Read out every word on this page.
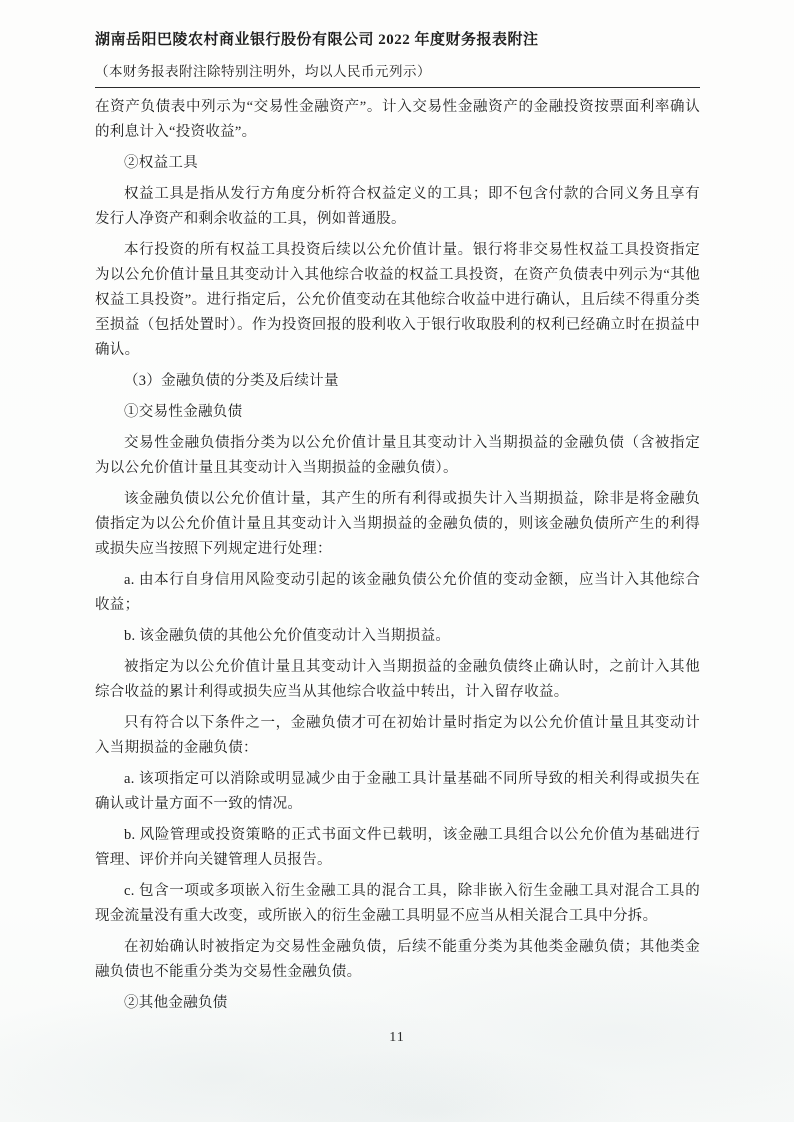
湖南岳阳巴陵农村商业银行股份有限公司 2022 年度财务报表附注
（本财务报表附注除特别注明外，均以人民币元列示）

在资产负债表中列示为“交易性金融资产”。计入交易性金融资产的金融投资按票面利率确认的利息计入“投资收益”。

②权益工具

权益工具是指从发行方角度分析符合权益定义的工具；即不包含付款的合同义务且享有发行人净资产和剩余收益的工具，例如普通股。

本行投资的所有权益工具投资后续以公允价值计量。银行将非交易性权益工具投资指定为以公允价值计量且其变动计入其他综合收益的权益工具投资，在资产负债表中列示为“其他权益工具投资”。进行指定后，公允价值变动在其他综合收益中进行确认，且后续不得重分类至损益（包括处置时）。作为投资回报的股利收入于银行收取股利的权利已经确立时在损益中确认。

（3）金融负债的分类及后续计量

①交易性金融负债

交易性金融负债指分类为以公允价值计量且其变动计入当期损益的金融负债（含被指定为以公允价值计量且其变动计入当期损益的金融负债）。

该金融负债以公允价值计量，其产生的所有利得或损失计入当期损益，除非是将金融负债指定为以公允价值计量且其变动计入当期损益的金融负债的，则该金融负债所产生的利得或损失应当按照下列规定进行处理：

a. 由本行自身信用风险变动引起的该金融负债公允价值的变动金额，应当计入其他综合收益；

b. 该金融负债的其他公允价值变动计入当期损益。

被指定为以公允价值计量且其变动计入当期损益的金融负债终止确认时，之前计入其他综合收益的累计利得或损失应当从其他综合收益中转出，计入留存收益。

只有符合以下条件之一，金融负债才可在初始计量时指定为以公允价值计量且其变动计入当期损益的金融负债：

a. 该项指定可以消除或明显减少由于金融工具计量基础不同所导致的相关利得或损失在确认或计量方面不一致的情况。

b. 风险管理或投资策略的正式书面文件已载明，该金融工具组合以公允价值为基础进行管理、评价并向关键管理人员报告。

c. 包含一项或多项嵌入衍生金融工具的混合工具，除非嵌入衍生金融工具对混合工具的现金流量没有重大改变，或所嵌入的衍生金融工具明显不应当从相关混合工具中分拆。

在初始确认时被指定为交易性金融负债，后续不能重分类为其他类金融负债；其他类金融负债也不能重分类为交易性金融负债。

②其他金融负债

11
